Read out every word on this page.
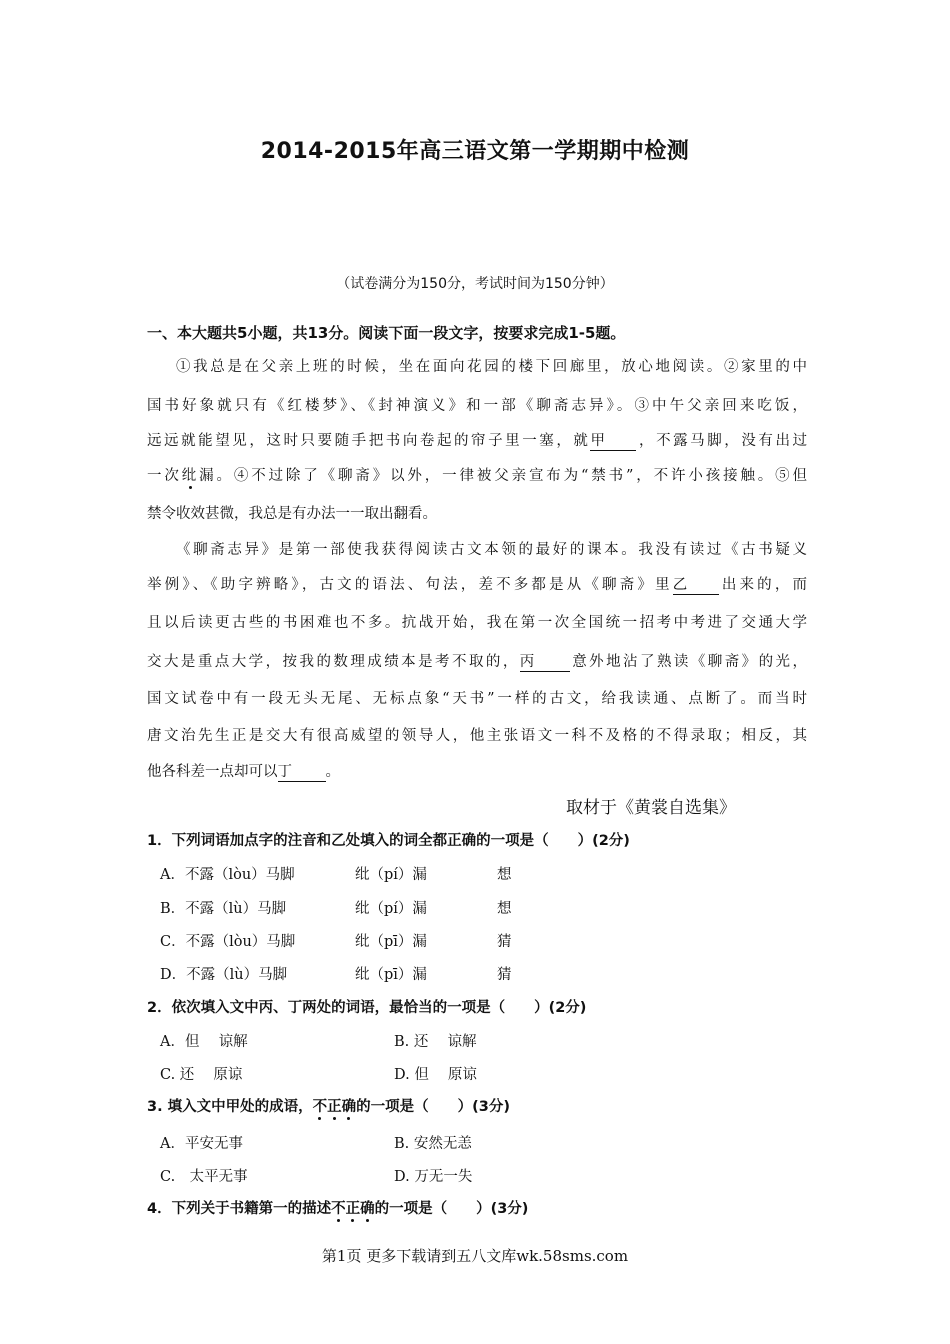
2014-2015年高三语文第一学期期中检测
（试卷满分为150分，考试时间为150分钟）
一、本大题共5小题，共13分。阅读下面一段文字，按要求完成1-5题。
①我总是在父亲上班的时候，坐在面向花园的楼下回廊里，放心地阅读。②家里的中
国书好象就只有《红楼梦》、《封神演义》和一部《聊斋志异》。③中午父亲回来吃饭，
远远就能望见，这时只要随手把书向卷起的帘子里一塞，就甲 ，不露马脚，没有出过
一次纰漏。④不过除了《聊斋》以外，一律被父亲宣布为“禁书”，不许小孩接触。⑤但
禁令收效甚微，我总是有办法一一取出翻看。
《聊斋志异》是第一部使我获得阅读古文本领的最好的课本。我没有读过《古书疑义
举例》、《助字辨略》，古文的语法、句法，差不多都是从《聊斋》里乙 出来的，而
且以后读更古些的书困难也不多。抗战开始，我在第一次全国统一招考中考进了交通大学
交大是重点大学，按我的数理成绩本是考不取的，丙 意外地沾了熟读《聊斋》的光，
国文试卷中有一段无头无尾、无标点象“天书”一样的古文，给我读通、点断了。而当时
唐文治先生正是交大有很高威望的领导人，他主张语文一科不及格的不得录取；相反，其
他各科差一点却可以丁 。
取材于《黄裳自选集》
1．下列词语加点字的注音和乙处填入的词全都正确的一项是（　　）(2分)
A．不露（lòu）马脚	纰（pí）漏	想
B．不露（lù）马脚	纰（pí）漏	想
C．不露（lòu）马脚	纰（pī）漏	猜
D．不露（lù）马脚	纰（pī）漏	猜
2．依次填入文中丙、丁两处的词语，最恰当的一项是（　　）(2分)
A．但　 谅解	B. 还　 谅解
C. 还　 原谅	D. 但　 原谅
3. 填入文中甲处的成语，不正确的一项是（　　）(3分)
A．平安无事	B. 安然无恙
C.　太平无事	D. 万无一失
4．下列关于书籍第一的描述不正确的一项是（　　）(3分)
第1页 更多下载请到五八文库wk.58sms.com
